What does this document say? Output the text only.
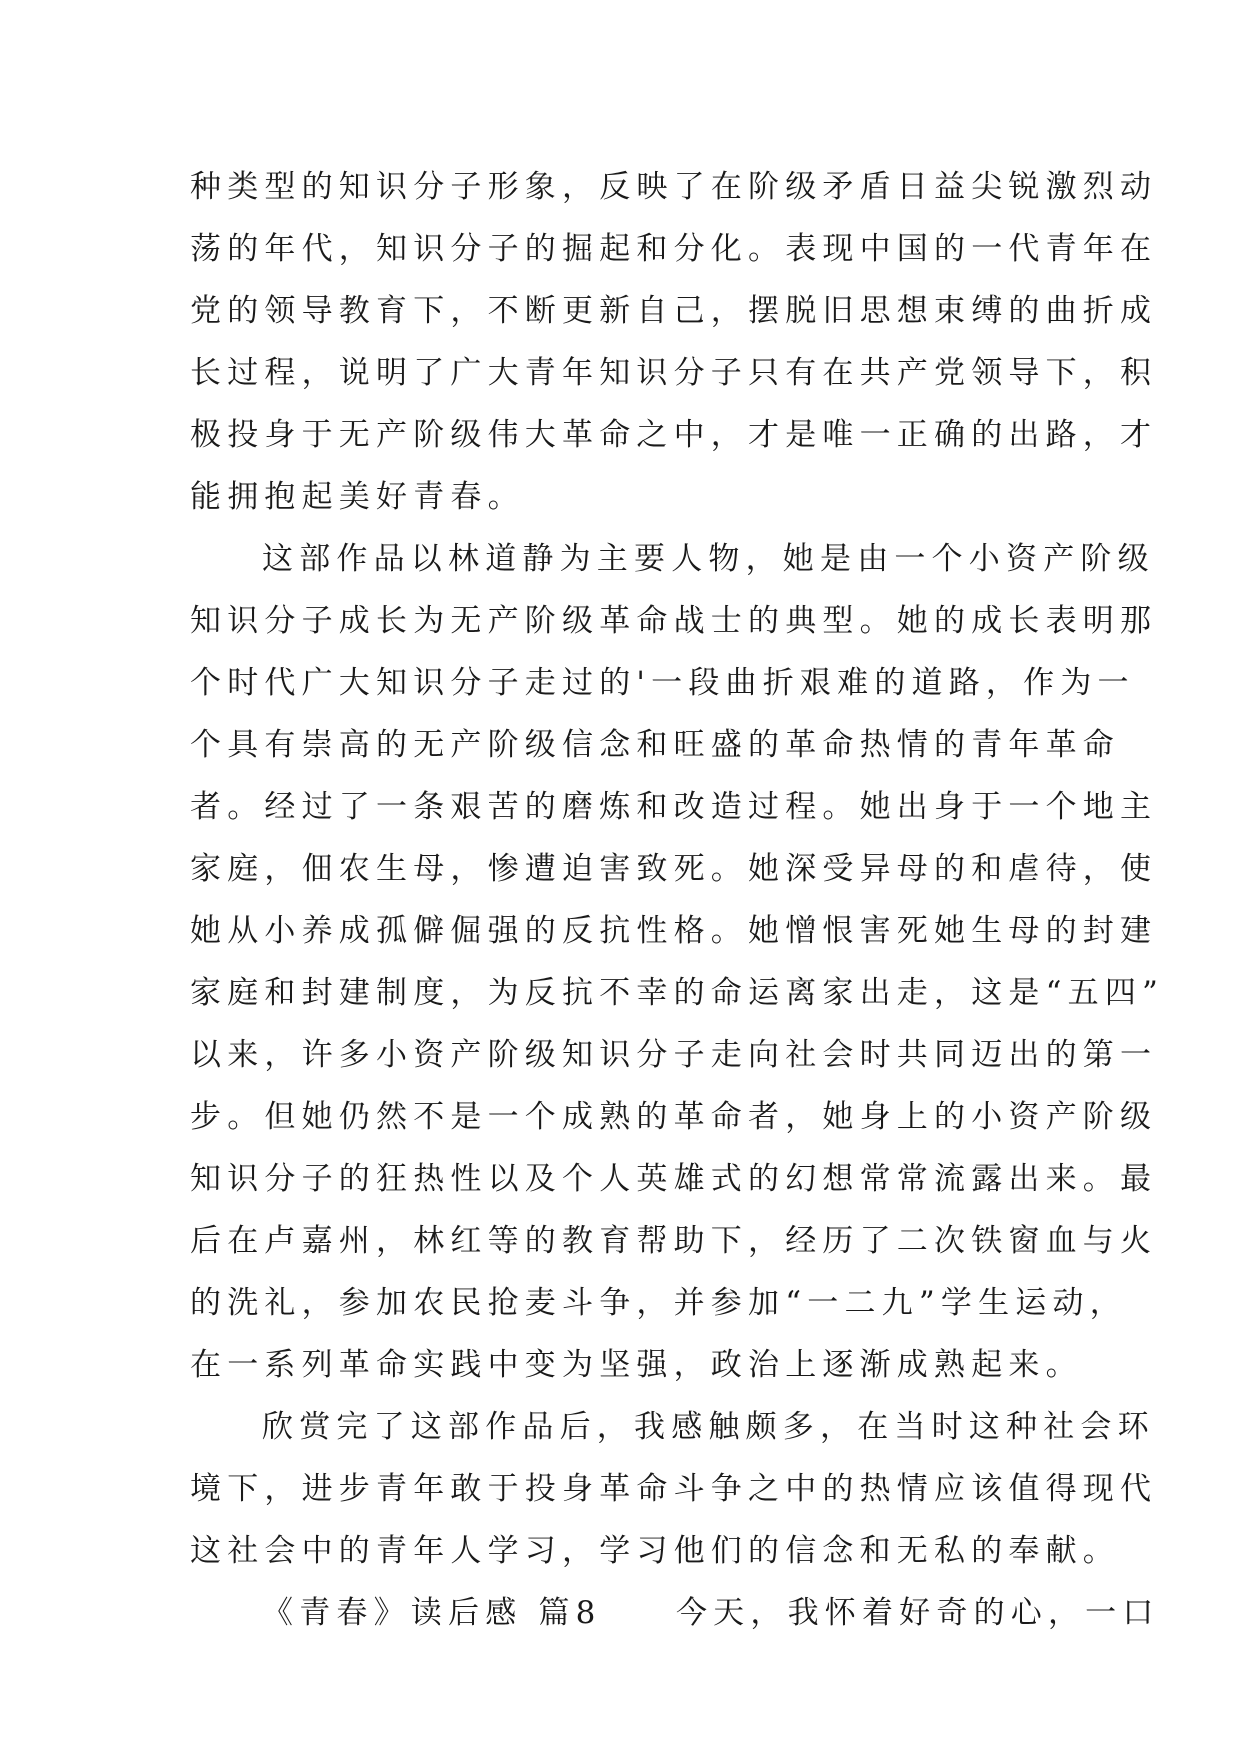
种类型的知识分子形象，反映了在阶级矛盾日益尖锐激烈动
荡的年代，知识分子的掘起和分化。表现中国的一代青年在
党的领导教育下，不断更新自己，摆脱旧思想束缚的曲折成
长过程，说明了广大青年知识分子只有在共产党领导下，积
极投身于无产阶级伟大革命之中，才是唯一正确的出路，才
能拥抱起美好青春。
这部作品以林道静为主要人物，她是由一个小资产阶级
知识分子成长为无产阶级革命战士的典型。她的成长表明那
个时代广大知识分子走过的'一段曲折艰难的道路，作为一
个具有崇高的无产阶级信念和旺盛的革命热情的青年革命
者。经过了一条艰苦的磨炼和改造过程。她出身于一个地主
家庭，佃农生母，惨遭迫害致死。她深受异母的和虐待，使
她从小养成孤僻倔强的反抗性格。她憎恨害死她生母的封建
家庭和封建制度，为反抗不幸的命运离家出走，这是“五四”
以来，许多小资产阶级知识分子走向社会时共同迈出的第一
步。但她仍然不是一个成熟的革命者，她身上的小资产阶级
知识分子的狂热性以及个人英雄式的幻想常常流露出来。最
后在卢嘉州，林红等的教育帮助下，经历了二次铁窗血与火
的洗礼，参加农民抢麦斗争，并参加“一二九”学生运动，
在一系列革命实践中变为坚强，政治上逐渐成熟起来。
欣赏完了这部作品后，我感触颇多，在当时这种社会环
境下，进步青年敢于投身革命斗争之中的热情应该值得现代
这社会中的青年人学习，学习他们的信念和无私的奉献。
《青春》读后感 篇8　　今天，我怀着好奇的心，一口
